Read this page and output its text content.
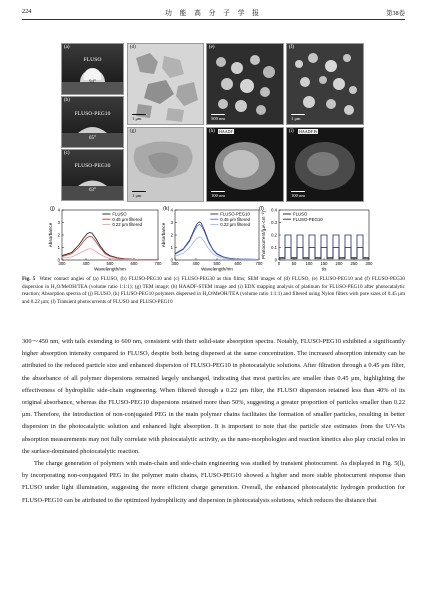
224	功 能 高 分 子 学 报	第38卷
(a)
FLUSO
94°
(b)
FLUSO-PEG10
65°
(c)
FLUSO-PEG30
63°
(d)
1 μm
(e)
500 nm
(f)
1 μm
(g)
1 μm
(h) HAADF
100 nm
(i) HAADF Pt
100 nm
(j)
300	400	500	600	700
0
1
2
3
4
Wavelength/nm
Absorbance
FLUSO
0.45 μm filtered
0.22 μm filtered
(k)
300	400	500	600	700
0
1
2
3
4
Wavelength/nm
Absorbance
FLUSO-PEG10
0.45 μm filtered
0.22 μm filtered
(l)
0	50 100 150 200 250 300
0
0.1
0.2
0.3
0.4
t/s
Photocurrent/(μA·cm⁻²)	FLUSO
FLUSO-PEG10
Fig. 5 Water contact angles of (a) FLUSO, (b) FLUSO-PEG10 and (c) FLUSO-PEG30 as thin films; SEM images of (d) FLUSO, (e) FLUSO-PEG10 and (f) FLUSO-PEG30 dispersion in H₂O/MeOH/TEA (volume ratio 1∶1∶1); (g) TEM image; (h) HAADF-STEM image and (i) EDX mapping analysis of platinum for FLUSO-PEG10 after photocatalytic reaction; Absorption spectra of (j) FLUSO, (k) FLUSO-PEG10 polymers dispersed in H₂O/MeOH/TEA (volume ratio 1∶1∶1) and filtered using Nylon filters with pore sizes of 0.45 μm and 0.22 μm; (l) Transient photocurrents of FLUSO and FLUSO-PEG10

300～450 nm, with tails extending to 600 nm, consistent with their solid-state absorption spectra. Notably, FLUSO-PEG10 exhibited a significantly higher absorption intensity compared to FLUSO, despite both being dispersed at the same concentration. The increased absorption intensity can be attributed to the reduced particle size and enhanced dispersion of FLUSO-PEG10 in photocatalytic solutions. After filtration through a 0.45 μm filter, the absorbance of all polymer dispersions remained largely unchanged, indicating that most particles are smaller than 0.45 μm, highlighting the effectiveness of hydrophilic side-chain engineering. When filtered through a 0.22 μm filter, the FLUSO dispersion retained less than 40% of its original absorbance, whereas the FLUSO-PEG10 dispersions retained more than 50%, suggesting a greater proportion of particles smaller than 0.22 μm. Therefore, the introduction of non-conjugated PEG in the main polymer chains facilitates the formation of smaller particles, resulting in better dispersion in the photocatalytic solution and enhanced light absorption. It is important to note that the particle size estimates from the UV-Vis absorption measurements may not fully correlate with photocatalytic activity, as the nano-morphologies and reaction kinetics also play crucial roles in the surface-dominated photocatalytic reaction.

The charge generation of polymers with main-chain and side-chain engineering was studied by transient photocurrent. As displayed in Fig. 5(l), by incorporating non-conjugated PEG in the polymer main chains, FLUSO-PEG10 showed a higher and more stable photocurrent response than FLUSO under light illumination, suggesting the more efficient charge generation. Overall, the enhanced photocatalytic hydrogen production for FLUSO-PEG10 can be attributed to the optimized hydrophilicity and dispersion in photocatalysis solutions, which reduces the distance that
